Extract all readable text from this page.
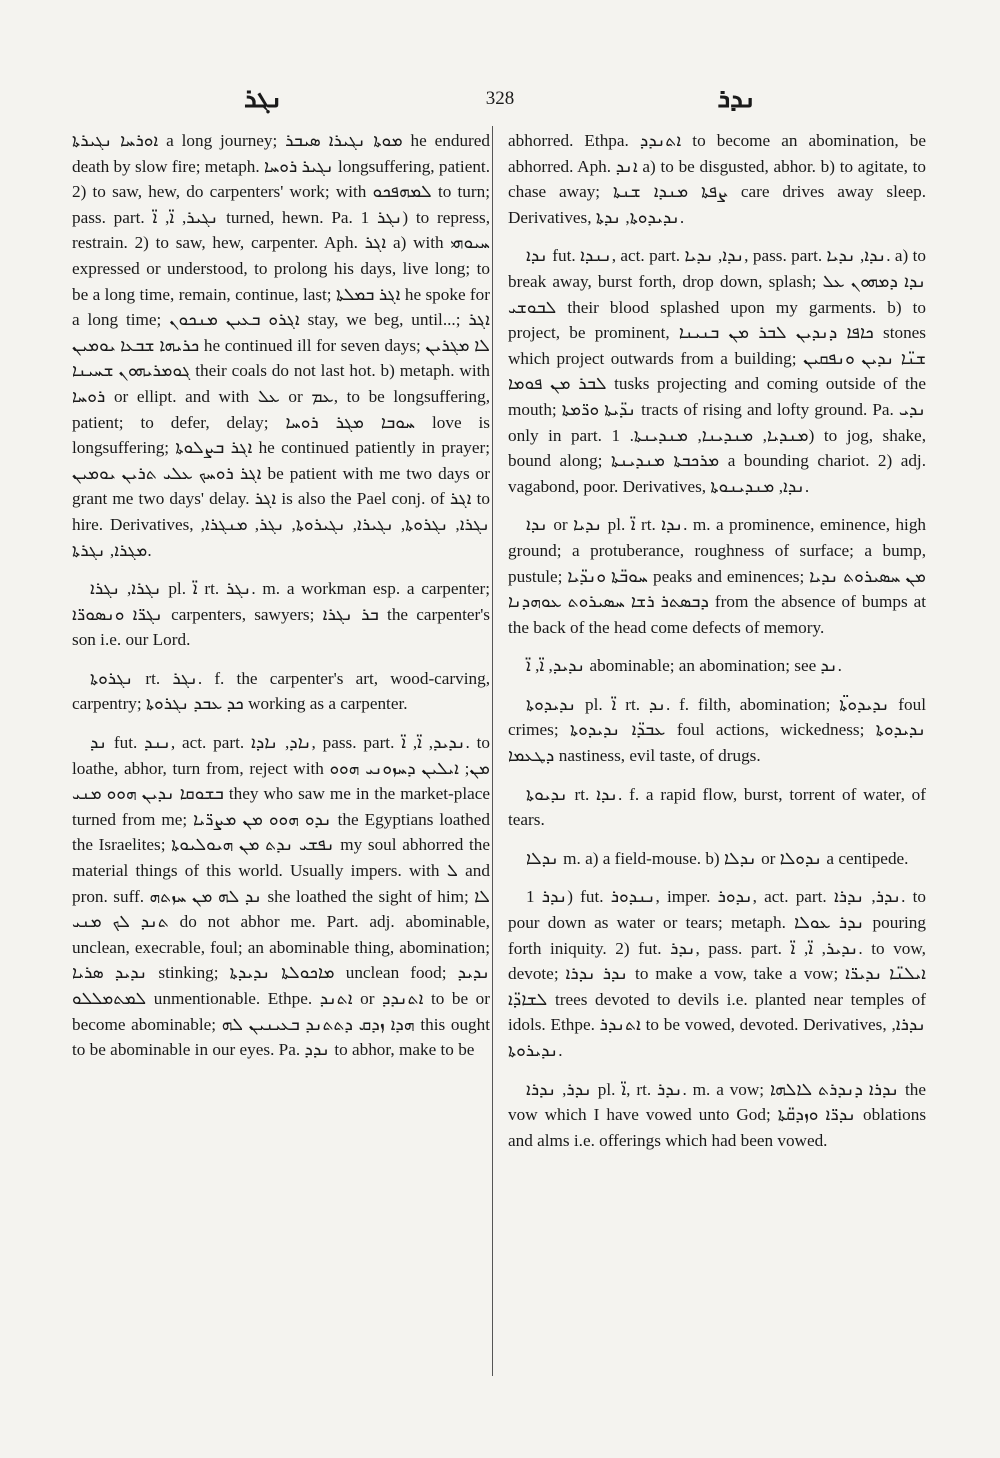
ܢܓܪ	328	ܢܕܪ

ܐܘܪܚܐ ܢܓܝܪܬܐ a long journey; ܡܘܬܐ ܢܓܝܪܐ ܣܝܒܪ he endured death by slow fire; metaph. ܢܓܝܪ ܪܘܚܐ longsuffering, patient. 2) to saw, hew, do carpenters' work; with ܠܡܗܦܟܘ to turn; pass. part. ܢܓܝܪ, ܐ̈, ܐ̈ turned, hewn. Pa. ܢܓܪ 1) to repress, restrain. 2) to saw, hew, carpenter. Aph. ܐܓܪ a) with ܚܝܘܗܝ expressed or understood, to prolong his days, live long; to be a long time, remain, continue, last; ܐܓܪ ܒܡܠܬܐ he spoke for a long time; ܐܓܪܘ ܒܥܝܢ ܡܢܟܘܢ stay, we beg, until...; ܐܓܪ ܟܪܝܗܐ ܫܒܥܐ ܝܘܡܝܢ he continued ill for seven days; ܠܐ ܡܓܪܝܢ ܓܘܡܪܝܗܘܢ ܫܚܝܢܐ their coals do not last hot. b) metaph. with ܪܘܚܐ or ellipt. and with ܥܠ or ܥܡ, to be longsuffering, patient; to defer, delay; ܚܘܒܐ ܡܓܪ ܪܘܚܐ love is longsuffering; ܐܓܪ ܒܨܠܘܬܐ he continued patiently in prayer; ܐܓܪ ܪܘܚܟ ܥܠܝ ܬܪܝܢ ܝܘܡܝܢ be patient with me two days or grant me two days' delay. ܐܓܪ is also the Pael conj. of ܐܓܪ to hire. Derivatives, ܢܓܪܐ, ܢܓܪܘܬܐ, ܢܓܝܪܐ, ܢܓܝܪܘܬܐ, ܢܓܪ, ܡܢܓܪܐ, ܡܓܪܐ, ܢܓܪܬܐ.

ܢܓܪܐ, ܢܓܪܐ pl. ܐ̈ rt. ܢܓܪ. m. a workman esp. a carpenter; ܢܓܪ̈ܐ ܘܢܣܘܪ̈ܐ carpenters, sawyers; ܒܪ ܢܓܪܐ the carpenter's son i.e. our Lord.

ܢܓܪܘܬܐ rt. ܢܓܪ. f. the carpenter's art, wood-carving, carpentry; ܟܕ ܥܒܕ ܢܓܪܘܬܐ working as a carpenter.

ܢܕ fut. ܢܢܕ, act. part. ܢܐܕ, ܢܐܕܐ, pass. part. ܢܕܝܕ, ܐ̈, ܐ̈. to loathe, abhor, turn from, reject with ܡܢ; ܐܝܠܝܢ ܕܚܙܘܢܝ ܗܘܘ ܒܫܘܩܐ ܢܕܝܢ ܗܘܘ ܡܢܝ they who saw me in the market-place turned from me; ܢܕܘ ܗܘܘ ܡܢ ܡܨܪ̈ܝܐ the Egyptians loathed the Israelites; ܢܦܫܝ ܢܕܬ ܡܢ ܗܝܘܠܝܘܬܐ my soul abhorred the material things of this world. Usually impers. with ܠ and pron. suff. ܢܕ ܠܗ ܡܢ ܚܙܬܗ she loathed the sight of him; ܠܐ ܬܢܕ ܠܟ ܡܢܝ do not abhor me. Part. adj. abominable, unclean, execrable, foul; an abominable thing, abomination; ܢܕܝܕ ܣܪܝܐ stinking; ܡܐܟܘܠܬܐ ܢܕܝܕܬܐ unclean food; ܢܕܝܕ ܠܡܬܡܠܠܘ unmentionable. Ethpe. ܐܬܢܕ or ܐܬܢܕܕ to be or become abominable; ܗܕܐ ܙܕܩ ܕܬܬܢܕ ܒܥܝܢܝܢ ܠܗ this ought to be abominable in our eyes. Pa. ܢܕܕ to abhor, make to be

abhorred. Ethpa. ܐܬܢܕܕ to become an abomination, be abhorred. Aph. ܐܢܕ a) to be disgusted, abhor. b) to agitate, to chase away; ܨܦܬܐ ܡܢܕܐ ܫܢܬܐ care drives away sleep. Derivatives, ܢܕܝܕܘܬܐ, ܢܕܬܐ.

ܢܕܐ fut. ܢܢܕܐ, act. part. ܢܕܐ, ܢܕܝܐ, pass. part. ܢܕܐ, ܢܕܝܐ. a) to break away, burst forth, drop down, splash; ܢܕܐ ܕܡܗܘܢ ܥܠ ܠܒܘܫܝ their blood splashed upon my garments. b) to project, be prominent, ܟܐܦܐ ܕܢܕܝܢ ܠܒܪ ܡܢ ܒܢܝܢܐ stones which project outwards from a building; ܫܢ̈ܐ ܢܕܝܢ ܘܢܦܩܝܢ ܠܒܪ ܡܢ ܦܘܡܐ tusks projecting and coming outside of the mouth; ܢܕ̈ܝܬܐ ܘܪ̈ܡܬܐ tracts of rising and lofty ground. Pa. ܢܕܝ only in part. ܡܢܕܝܐ, ܡܢܕܝܢܐ, ܡܢܕܝܢܬܐ. 1) to jog, shake, bound along; ܡܪܟܒܬܐ ܡܢܕܝܢܬܐ a bounding chariot. 2) adj. vagabond, poor. Derivatives, ܢܕܐ, ܡܢܕܝܢܘܬܐ.

ܢܕܐ or ܢܕܝܐ pl. ܐ̈ rt. ܢܕܐ. m. a prominence, eminence, high ground; a protuberance, roughness of surface; a bump, pustule; ܚܘܒ̈ܬܐ ܘܢܕ̈ܝܐ peaks and eminences; ܡܢ ܚܣܝܪܘܬ ܢܕܝܐ ܕܒܣܬܪ ܪܫܐ ܚܣܝܪܘܬ ܥܘܗܕܢܐ from the absence of bumps at the back of the head come defects of memory.

ܢܕܝܕ, ܐ̈, ܐ̈ abominable; an abomination; see ܢܕ.

ܢܕܝܕܘܬܐ pl. ܐ̈ rt. ܢܕ. f. filth, abomination; ܢܕܝܕܘܬ̈ܐ foul crimes; ܥܒܕ̈ܐ ܢܕܝܕܘܬܐ foul actions, wickedness; ܢܕܝܕܘܬܐ ܕܛܥܡܐ nastiness, evil taste, of drugs.

ܢܕܝܘܬܐ rt. ܢܕܐ. f. a rapid flow, burst, torrent of water, of tears.

ܢܕܠܐ m. a) a field-mouse. b) ܢܕܠܐ or ܢܕܘܠܐ a centipede.

ܢܕܪ 1) fut. ܢܢܕܘܪ, imper. ܢܕܘܪ, act. part. ܢܕܪ, ܢܕܪܐ. to pour down as water or tears; metaph. ܢܕܪ ܥܘܠܐ pouring forth iniquity. 2) fut. ܢܕܪ, pass. part. ܢܕܝܪ, ܐ̈, ܐ̈. to vow, devote; ܢܕܪ ܢܕܪܐ to make a vow, take a vow; ܐܝܠܢ̈ܐ ܢܕܝܪ̈ܐ ܠܫܐܕ̈ܐ trees devoted to devils i.e. planted near temples of idols. Ethpe. ܐܬܢܕܪ to be vowed, devoted. Derivatives, ܢܕܪܐ, ܢܕܝܪܘܬܐ.

ܢܕܪ, ܢܕܪܐ pl. ܐ̈, rt. ܢܕܪ. m. a vow; ܢܕܪܐ ܕܢܕܪܬ ܠܐܠܗܐ the vow which I have vowed unto God; ܢܕܪ̈ܐ ܘܙܕܩ̈ܬܐ oblations and alms i.e. offerings which had been vowed.
